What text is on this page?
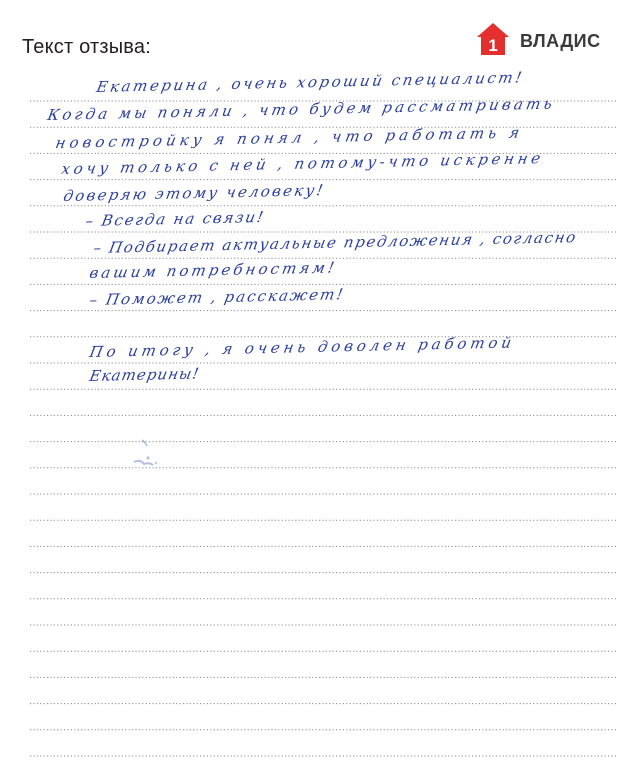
Текст отзыва:	1 ВЛАДИС
Екатерина , очень хороший специалист!
Когда мы поняли , что будем рассматривать
новостройку я понял , что работать я
хочу только с ней , потому-что искренне
доверяю этому человеку!
– Всегда на связи!
– Подбирает актуальные предложения , согласно
вашим потребностям!
– Поможет , расскажет!
По итогу , я очень доволен работой
Екатерины!
